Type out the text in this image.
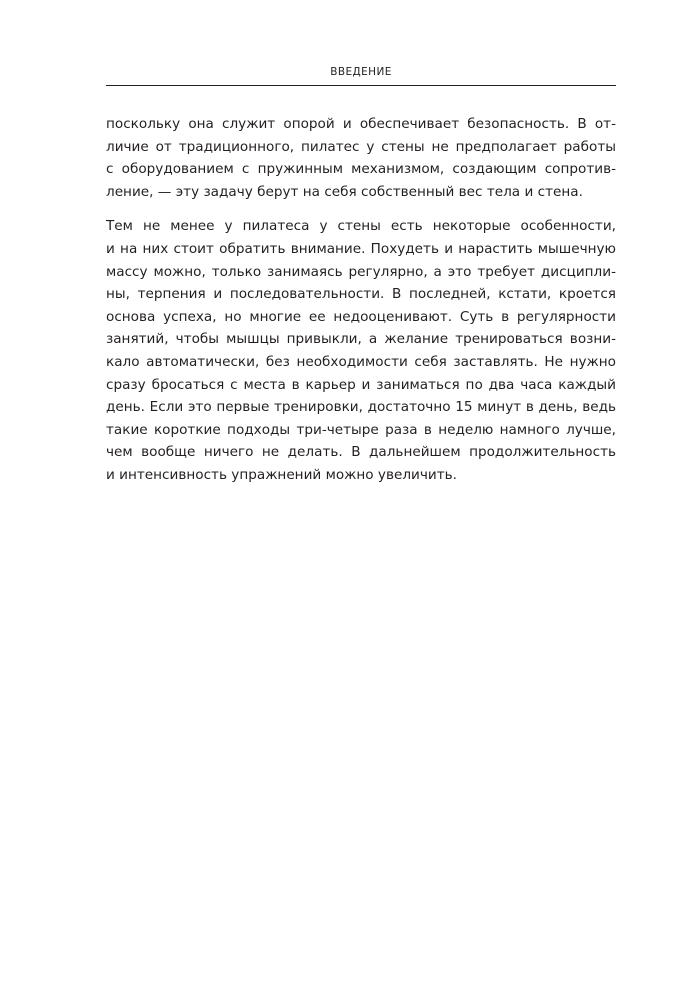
ВВЕДЕНИЕ
поскольку она служит опорой и обеспечивает безопасность. В от-
личие от традиционного, пилатес у стены не предполагает работы
с оборудованием с пружинным механизмом, создающим сопротив-
ление, — эту задачу берут на себя собственный вес тела и стена.
Тем не менее у пилатеса у стены есть некоторые особенности,
и на них стоит обратить внимание. Похудеть и нарастить мышечную
массу можно, только занимаясь регулярно, а это требует дисципли-
ны, терпения и последовательности. В последней, кстати, кроется
основа успеха, но многие ее недооценивают. Суть в регулярности
занятий, чтобы мышцы привыкли, а желание тренироваться возни-
кало автоматически, без необходимости себя заставлять. Не нужно
сразу бросаться с места в карьер и заниматься по два часа каждый
день. Если это первые тренировки, достаточно 15 минут в день, ведь
такие короткие подходы три-четыре раза в неделю намного лучше,
чем вообще ничего не делать. В дальнейшем продолжительность
и интенсивность упражнений можно увеличить.
